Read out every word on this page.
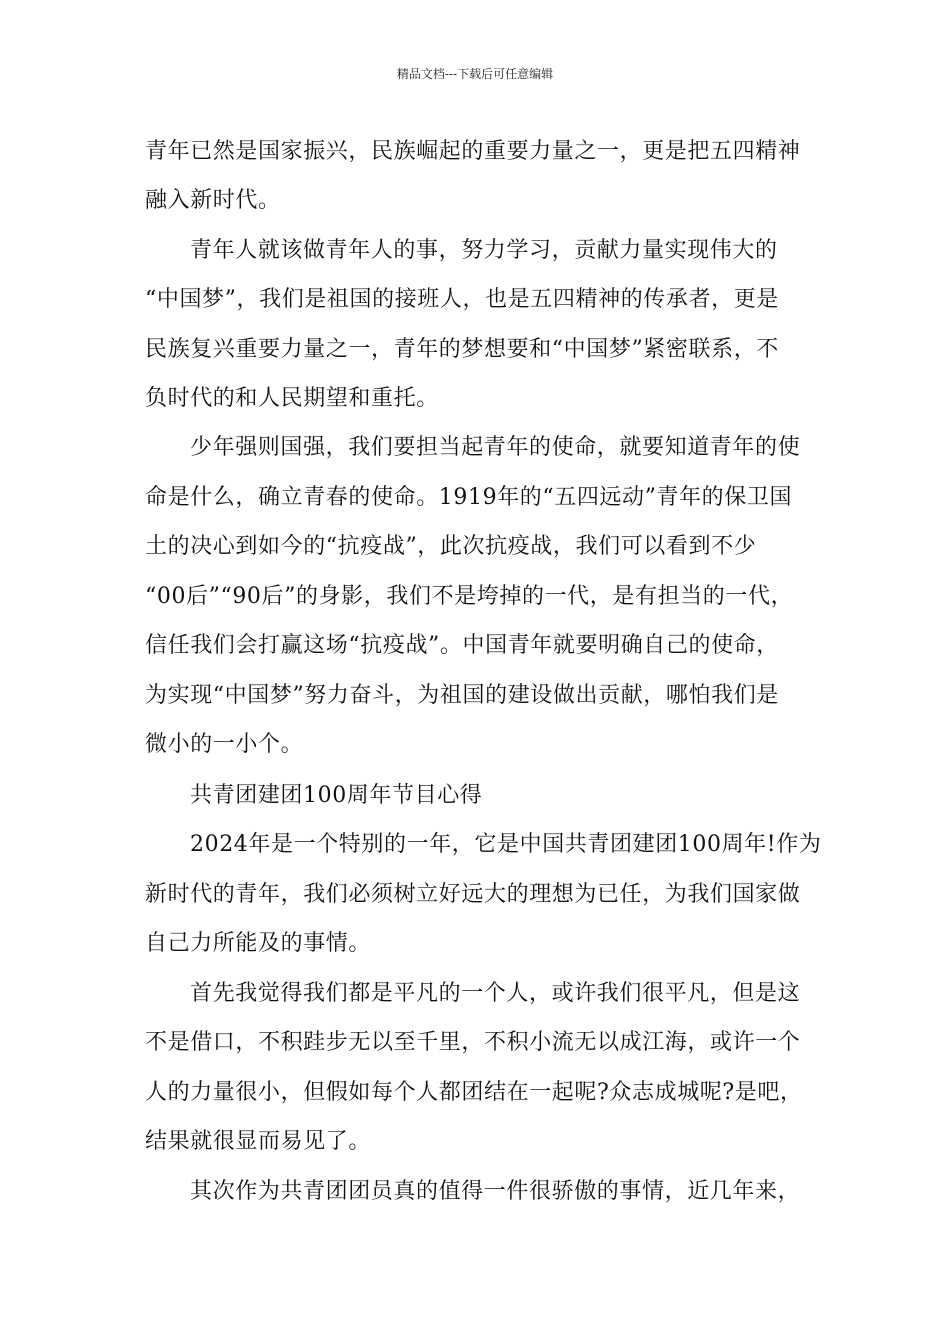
精品文档---下载后可任意编辑
青年已然是国家振兴，民族崛起的重要力量之一，更是把五四精神
融入新时代。
青年人就该做青年人的事，努力学习，贡献力量实现伟大的
“中国梦”，我们是祖国的接班人，也是五四精神的传承者，更是
民族复兴重要力量之一，青年的梦想要和“中国梦”紧密联系，不
负时代的和人民期望和重托。
少年强则国强，我们要担当起青年的使命，就要知道青年的使
命是什么，确立青春的使命。1919年的“五四远动”青年的保卫国
土的决心到如今的“抗疫战”，此次抗疫战，我们可以看到不少
“00后”“90后”的身影，我们不是垮掉的一代，是有担当的一代，
信任我们会打赢这场“抗疫战”。中国青年就要明确自己的使命，
为实现“中国梦”努力奋斗，为祖国的建设做出贡献，哪怕我们是
微小的一小个。
共青团建团100周年节目心得
2024年是一个特别的一年，它是中国共青团建团100周年!作为
新时代的青年，我们必须树立好远大的理想为已任，为我们国家做
自己力所能及的事情。
首先我觉得我们都是平凡的一个人，或许我们很平凡，但是这
不是借口，不积跬步无以至千里，不积小流无以成江海，或许一个
人的力量很小，但假如每个人都团结在一起呢?众志成城呢?是吧，
结果就很显而易见了。
其次作为共青团团员真的值得一件很骄傲的事情，近几年来，
